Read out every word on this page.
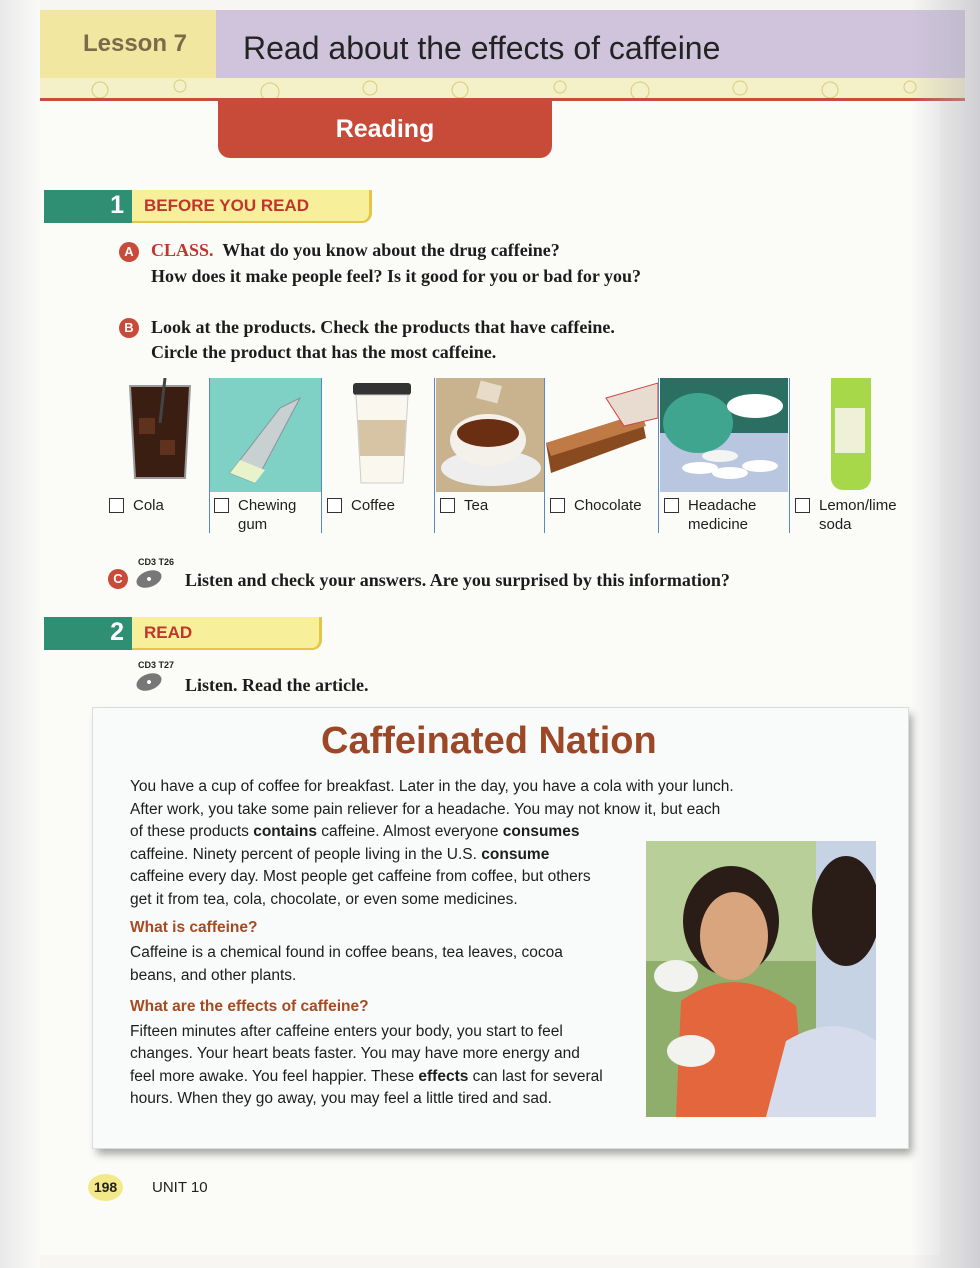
Lesson 7 Read about the effects of caffeine
Reading
1	BEFORE YOU READ
A CLASS. What do you know about the drug caffeine?
How does it make people feel? Is it good for you or bad for you?
B Look at the products. Check the products that have caffeine.
Circle the product that has the most caffeine.
Cola	Chewing
gum
Coffee	Tea	Chocolate	Headache
medicine
Lemon/lime
soda
CD3 T26
C	Listen and check your answers. Are you surprised by this information?
2	READ
CD3 T27
Listen. Read the article.
Caffeinated Nation
You have a cup of coffee for breakfast. Later in the day, you have a cola with your lunch.
After work, you take some pain reliever for a headache. You may not know it, but each
of these products contains caffeine. Almost everyone consumes
caffeine. Ninety percent of people living in the U.S. consume
caffeine every day. Most people get caffeine from coffee, but others
get it from tea, cola, chocolate, or even some medicines.
What is caffeine?
Caffeine is a chemical found in coffee beans, tea leaves, cocoa
beans, and other plants.
What are the effects of caffeine?
Fifteen minutes after caffeine enters your body, you start to feel
changes. Your heart beats faster. You may have more energy and
feel more awake. You feel happier. These effects can last for several
hours. When they go away, you may feel a little tired and sad.
198	UNIT 10
